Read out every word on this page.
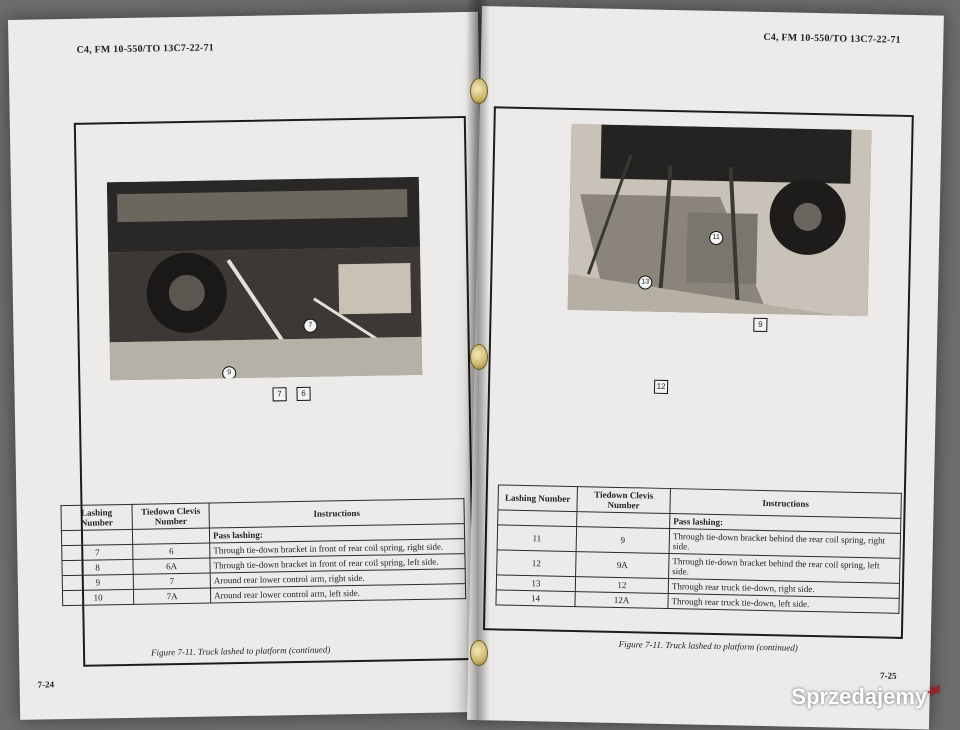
C4, FM 10-550/TO 13C7-22-71
7
9
7	6
Lashing Number	Tiedown Clevis Number	Instructions
		Pass lashing:
7	6	Through tie-down bracket in front of rear coil spring, right side.
8	6A	Through tie-down bracket in front of rear coil spring, left side.
9	7	Around rear lower control arm, right side.
10	7A	Around rear lower control arm, left side.
Figure 7-11. Truck lashed to platform (continued)
7-24
C4, FM 10-550/TO 13C7-22-71
11
13
9
12
Lashing Number	Tiedown Clevis Number	Instructions
		Pass lashing:
11	9	Through tie-down bracket behind the rear coil spring, right side.
12	9A	Through tie-down bracket behind the rear coil spring, left side.
13	12	Through rear truck tie-down, right side.
14	12A	Through rear truck tie-down, left side.
Figure 7-11. Truck lashed to platform (continued)
7-25
Sprzedajemy$^{.pl}$
